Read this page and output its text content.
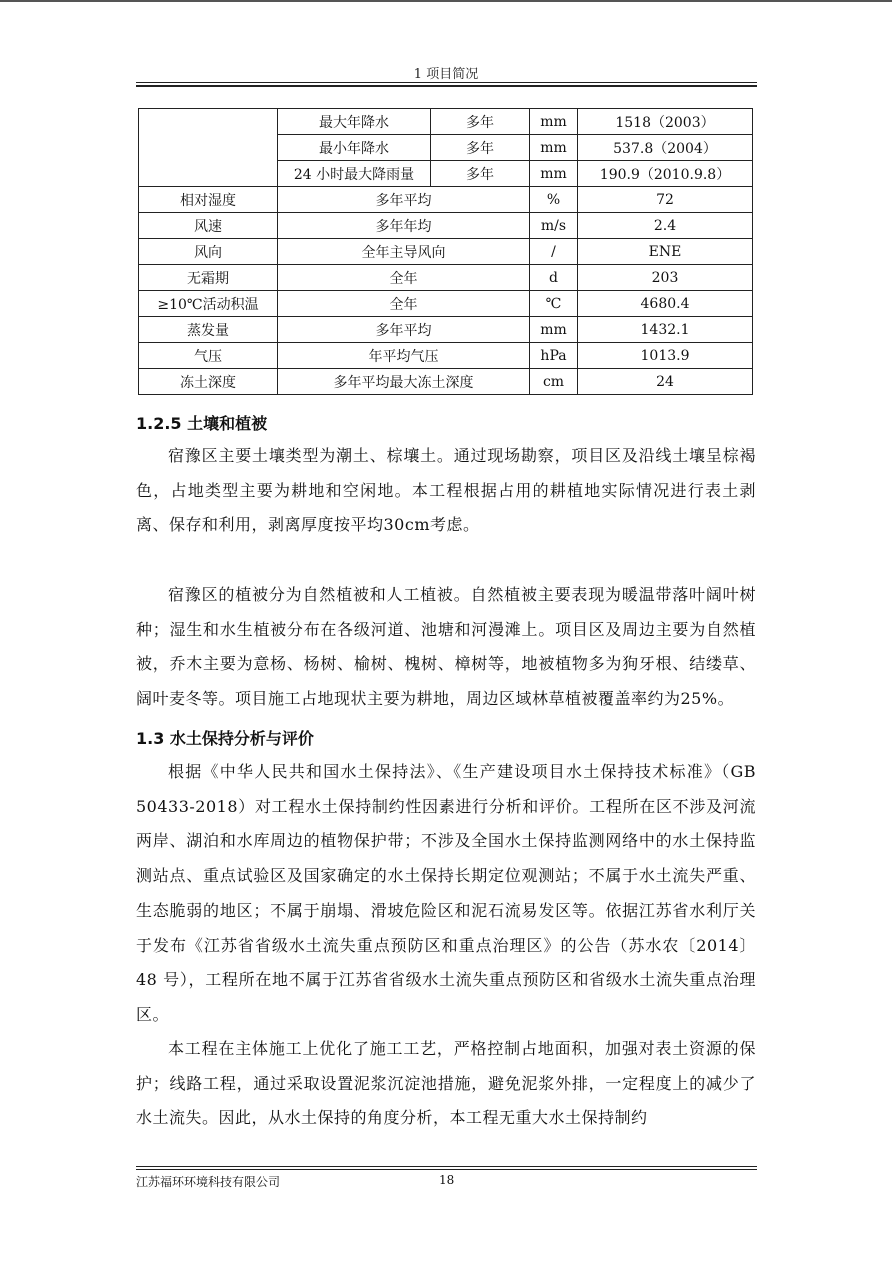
1 项目简况
	最大年降水	多年	mm	1518（2003）
	最小年降水	多年	mm	537.8（2004）
	24 小时最大降雨量	多年	mm	190.9（2010.9.8）
相对湿度	多年平均		%	72
风速	多年年均		m/s	2.4
风向	全年主导风向		/	ENE
无霜期	全年		d	203
≥10℃活动积温	全年		℃	4680.4
蒸发量	多年平均		mm	1432.1
气压	年平均气压		hPa	1013.9
冻土深度	多年平均最大冻土深度		cm	24
1.2.5 土壤和植被

宿豫区主要土壤类型为潮土、棕壤土。通过现场勘察，项目区及沿线土壤呈棕褐色，占地类型主要为耕地和空闲地。本工程根据占用的耕植地实际情况进行表土剥离、保存和利用，剥离厚度按平均30cm考虑。

宿豫区的植被分为自然植被和人工植被。自然植被主要表现为暖温带落叶阔叶树种；湿生和水生植被分布在各级河道、池塘和河漫滩上。项目区及周边主要为自然植被，乔木主要为意杨、杨树、榆树、槐树、樟树等，地被植物多为狗牙根、结缕草、阔叶麦冬等。项目施工占地现状主要为耕地，周边区域林草植被覆盖率约为25%。

1.3 水土保持分析与评价

根据《中华人民共和国水土保持法》、《生产建设项目水土保持技术标准》（GB 50433-2018）对工程水土保持制约性因素进行分析和评价。工程所在区不涉及河流两岸、湖泊和水库周边的植物保护带；不涉及全国水土保持监测网络中的水土保持监测站点、重点试验区及国家确定的水土保持长期定位观测站；不属于水土流失严重、生态脆弱的地区；不属于崩塌、滑坡危险区和泥石流易发区等。依据江苏省水利厅关于发布《江苏省省级水土流失重点预防区和重点治理区》的公告（苏水农〔2014〕48 号），工程所在地不属于江苏省省级水土流失重点预防区和省级水土流失重点治理区。

本工程在主体施工上优化了施工工艺，严格控制占地面积，加强对表土资源的保护；线路工程，通过采取设置泥浆沉淀池措施，避免泥浆外排，一定程度上的减少了水土流失。因此，从水土保持的角度分析，本工程无重大水土保持制约

江苏福环环境科技有限公司	18
